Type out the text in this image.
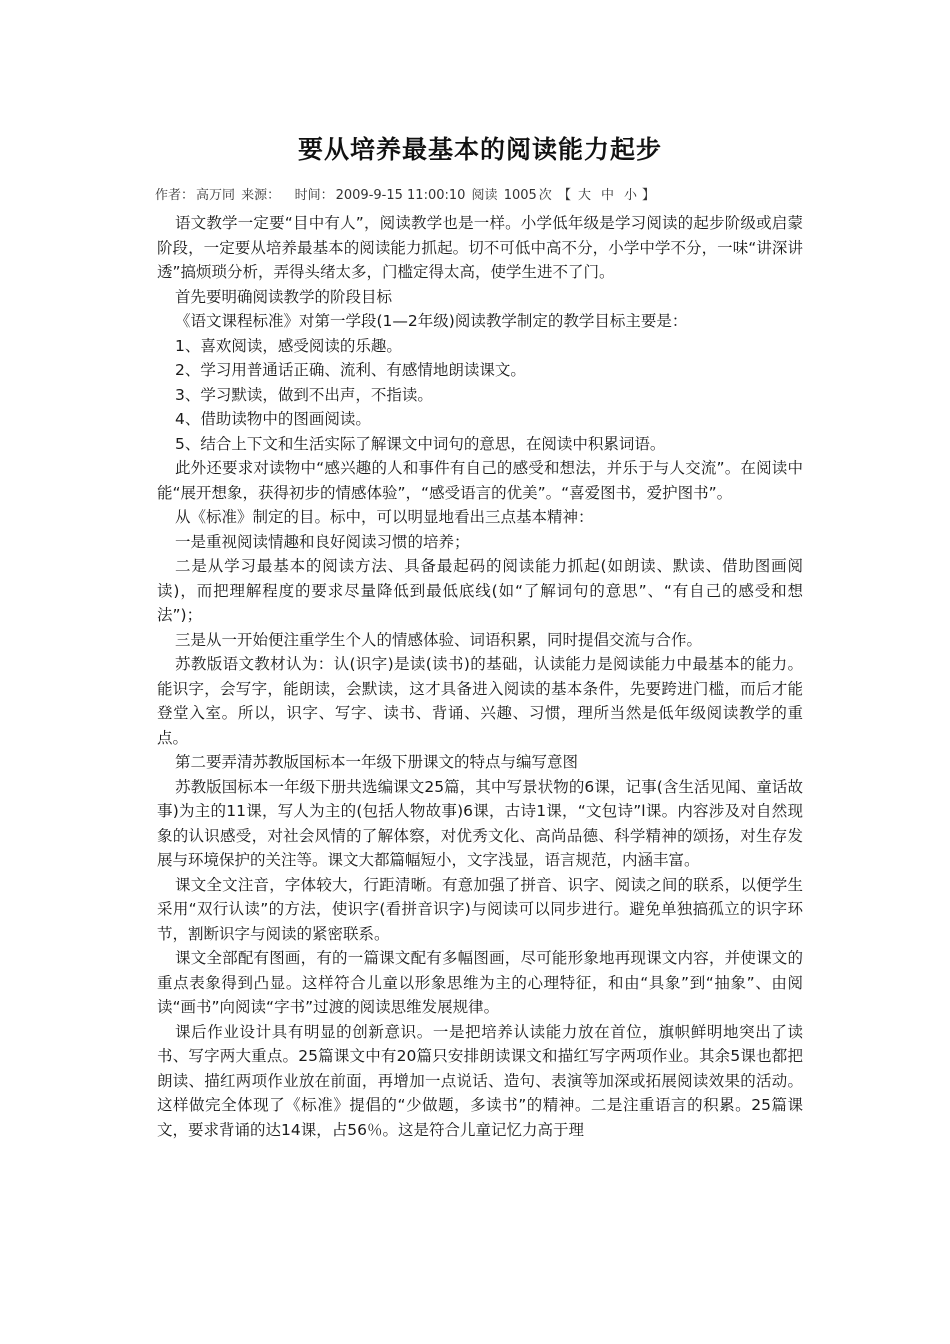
要从培养最基本的阅读能力起步
作者： 高万同 来源： 时间： 2009-9-15 11:00:10 阅读 1005 次 【 大 中 小 】

语文教学一定要“目中有人”，阅读教学也是一样。小学低年级是学习阅读的起步阶级或启蒙阶段，一定要从培养最基本的阅读能力抓起。切不可低中高不分，小学中学不分，一味“讲深讲透”搞烦琐分析，弄得头绪太多，门槛定得太高，使学生进不了门。

首先要明确阅读教学的阶段目标

《语文课程标准》对第一学段(1—2年级)阅读教学制定的教学目标主要是：

1、喜欢阅读，感受阅读的乐趣。

2、学习用普通话正确、流利、有感情地朗读课文。

3、学习默读，做到不出声，不指读。

4、借助读物中的图画阅读。

5、结合上下文和生活实际了解课文中词句的意思，在阅读中积累词语。

此外还要求对读物中“感兴趣的人和事件有自己的感受和想法，并乐于与人交流”。在阅读中能“展开想象，获得初步的情感体验”，“感受语言的优美”。“喜爱图书，爱护图书”。

从《标准》制定的目。标中，可以明显地看出三点基本精神：

一是重视阅读情趣和良好阅读习惯的培养；

二是从学习最基本的阅读方法、具备最起码的阅读能力抓起(如朗读、默读、借助图画阅读)，而把理解程度的要求尽量降低到最低底线(如“了解词句的意思”、“有自己的感受和想法”)；

三是从一开始便注重学生个人的情感体验、词语积累，同时提倡交流与合作。

苏教版语文教材认为：认(识字)是读(读书)的基础，认读能力是阅读能力中最基本的能力。能识字，会写字，能朗读，会默读，这才具备进入阅读的基本条件，先要跨进门槛，而后才能登堂入室。所以，识字、写字、读书、背诵、兴趣、习惯，理所当然是低年级阅读教学的重点。

第二要弄清苏教版国标本一年级下册课文的特点与编写意图

苏教版国标本一年级下册共选编课文25篇，其中写景状物的6课，记事(含生活见闻、童话故事)为主的11课，写人为主的(包括人物故事)6课，古诗1课，“文包诗”l课。内容涉及对自然现象的认识感受，对社会风情的了解体察，对优秀文化、高尚品德、科学精神的颂扬，对生存发展与环境保护的关注等。课文大都篇幅短小，文字浅显，语言规范，内涵丰富。

课文全文注音，字体较大，行距清晰。有意加强了拼音、识字、阅读之间的联系，以便学生采用“双行认读”的方法，使识字(看拼音识字)与阅读可以同步进行。避免单独搞孤立的识字环节，割断识字与阅读的紧密联系。

课文全部配有图画，有的一篇课文配有多幅图画，尽可能形象地再现课文内容，并使课文的重点表象得到凸显。这样符合儿童以形象思维为主的心理特征，和由“具象”到“抽象”、由阅读“画书”向阅读“字书”过渡的阅读思维发展规律。

课后作业设计具有明显的创新意识。一是把培养认读能力放在首位，旗帜鲜明地突出了读书、写字两大重点。25篇课文中有20篇只安排朗读课文和描红写字两项作业。其余5课也都把朗读、描红两项作业放在前面，再增加一点说话、造句、表演等加深或拓展阅读效果的活动。这样做完全体现了《标准》提倡的“少做题，多读书”的精神。二是注重语言的积累。25篇课文，要求背诵的达14课，占56％。这是符合儿童记忆力高于理
